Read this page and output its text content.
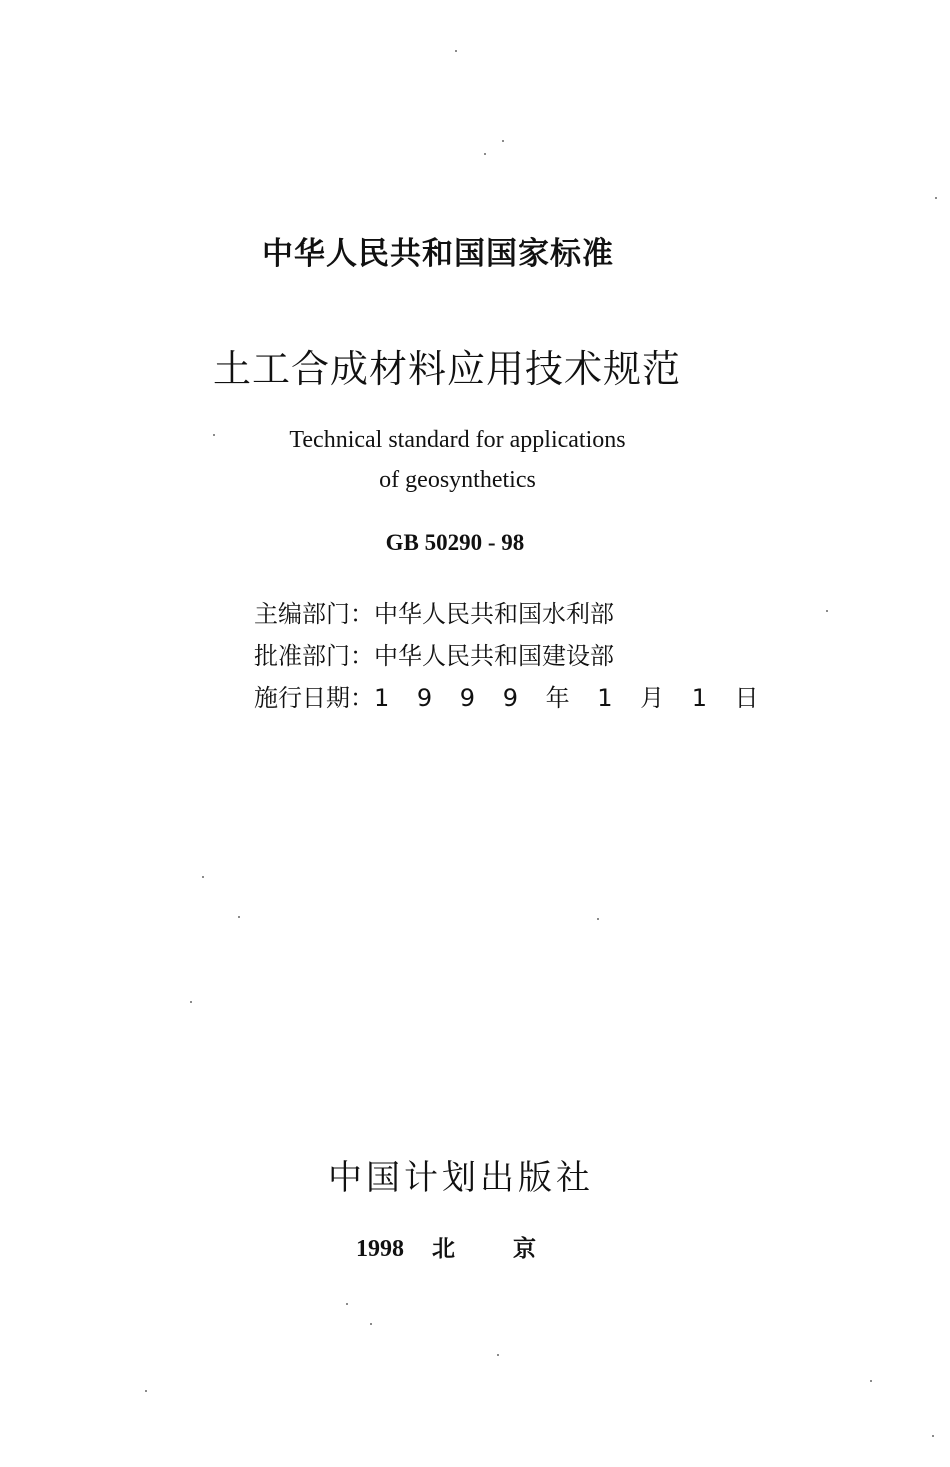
中华人民共和国国家标准
土工合成材料应用技术规范
Technical standard for applications
of geosynthetics
GB 50290 - 98
主编部门：中华人民共和国水利部
批准部门：中华人民共和国建设部
施行日期：1 9 9 9 年 1 月 1 日
中国计划出版社
1998 北京
